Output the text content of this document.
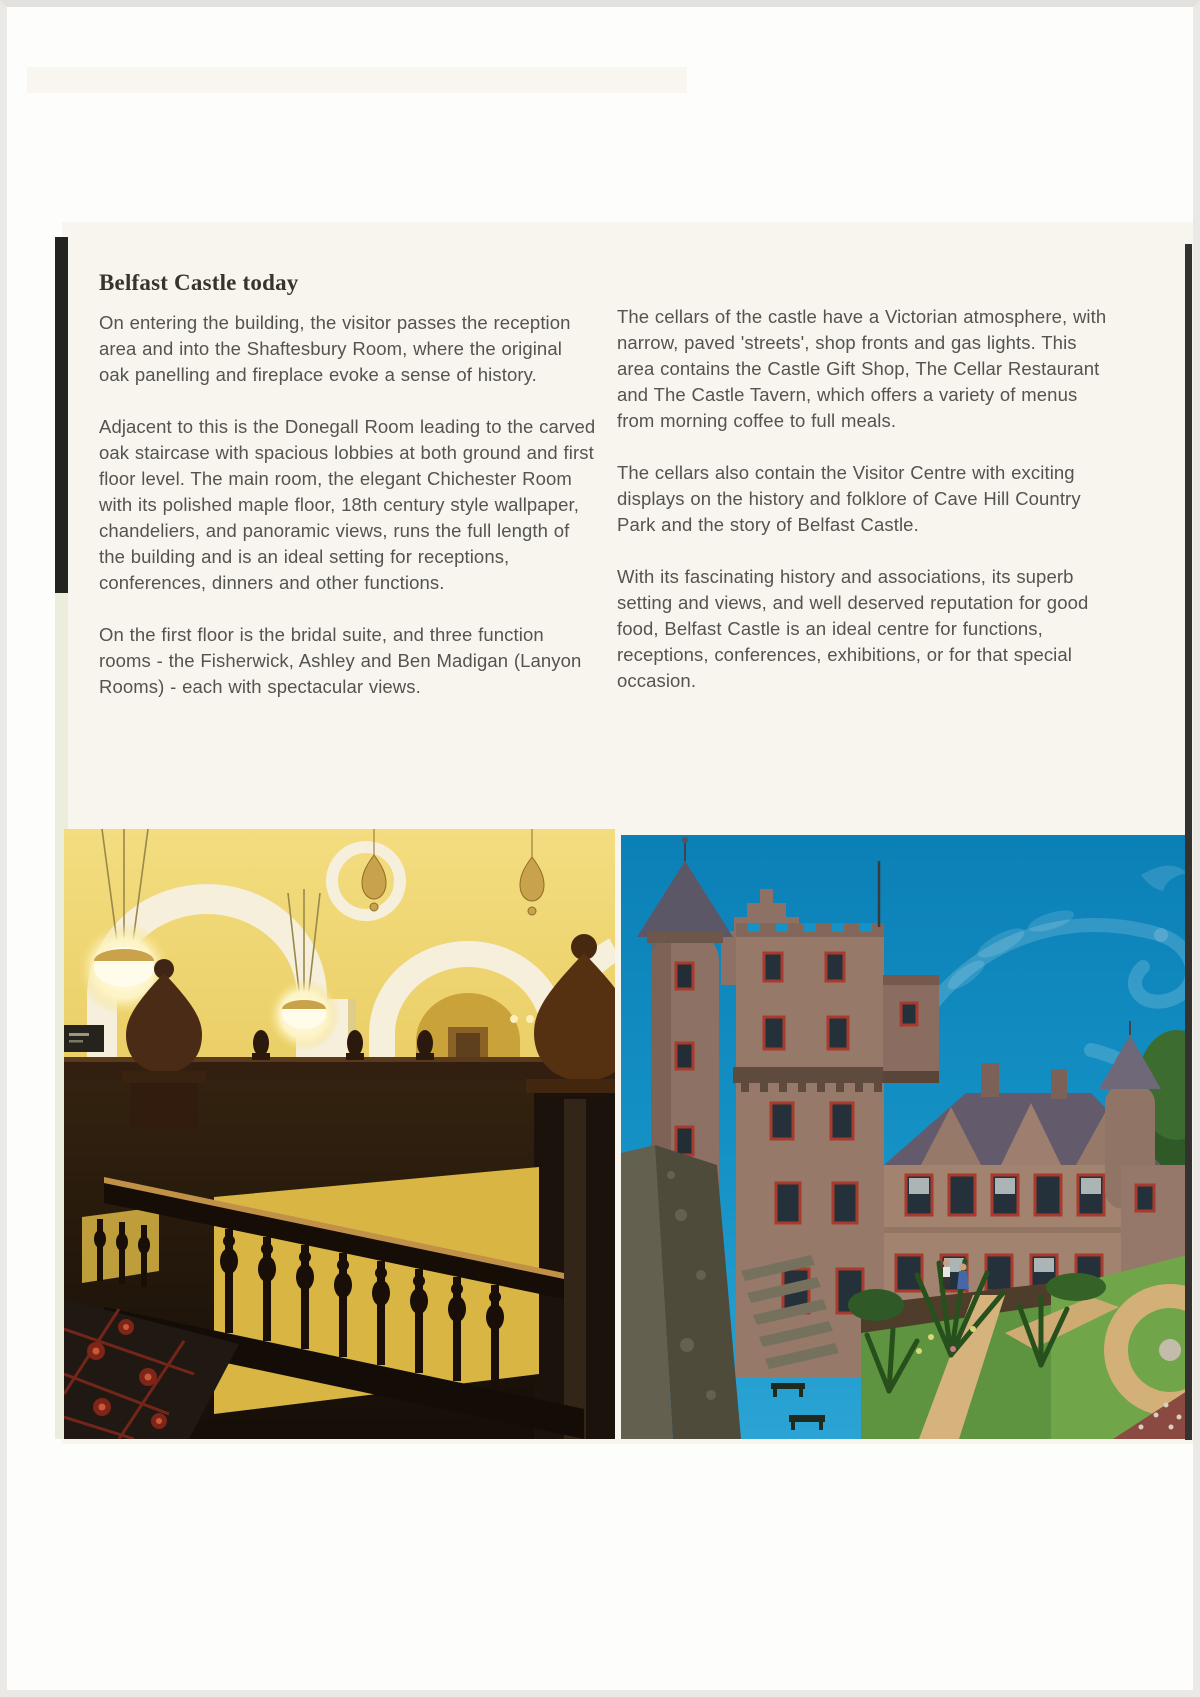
Belfast Castle today

On entering the building, the visitor passes the reception area and into the Shaftesbury Room, where the original oak panelling and fireplace evoke a sense of history.

Adjacent to this is the Donegall Room leading to the carved oak staircase with spacious lobbies at both ground and first floor level. The main room, the elegant Chichester Room with its polished maple floor, 18th century style wallpaper, chandeliers, and panoramic views, runs the full length of the building and is an ideal setting for receptions, conferences, dinners and other functions.

On the first floor is the bridal suite, and three function rooms - the Fisherwick, Ashley and Ben Madigan (Lanyon Rooms) - each with spectacular views.

The cellars of the castle have a Victorian atmosphere, with narrow, paved 'streets', shop fronts and gas lights. This area contains the Castle Gift Shop, The Cellar Restaurant and The Castle Tavern, which offers a variety of menus from morning coffee to full meals.

The cellars also contain the Visitor Centre with exciting displays on the history and folklore of Cave Hill Country Park and the story of Belfast Castle.

With its fascinating history and associations, its superb setting and views, and well deserved reputation for good food, Belfast Castle is an ideal centre for functions, receptions, conferences, exhibitions, or for that special occasion.
